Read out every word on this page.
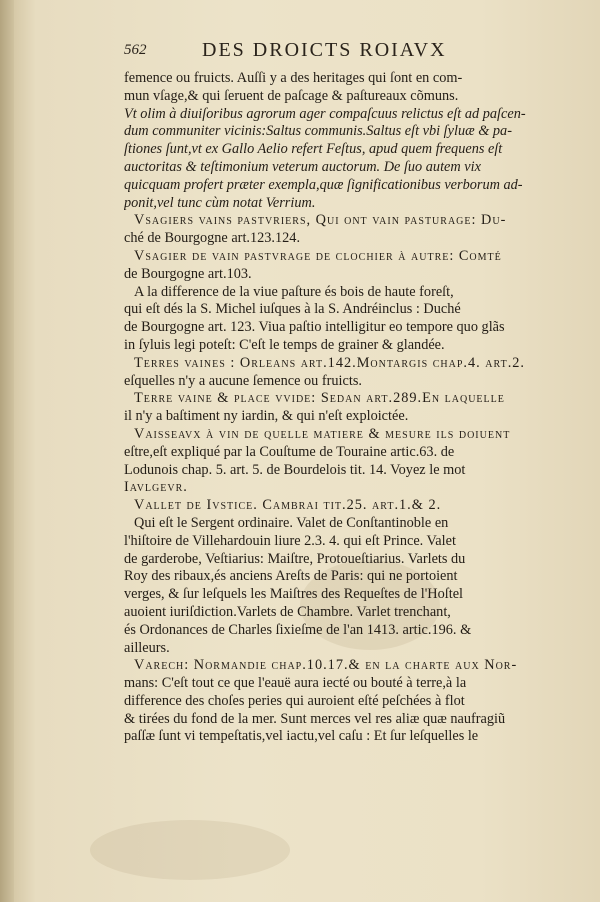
562	DES DROICTS ROIAVX
femence ou fruicts. Auſſi y a des heritages qui ſont en com-
mun vſage,& qui ſeruent de paſcage & paſtureaux cõmuns.
Vt olim à diuiſoribus agrorum ager compaſcuus relictus eſt ad paſcen-
dum communiter vicinis:Saltus communis.Saltus eſt vbi ſyluæ & pa-
ſtiones ſunt,vt ex Gallo Aelio refert Feſtus, apud quem frequens eſt
auctoritas & teſtimonium veterum auctorum. De ſuo autem vix
quicquam profert præter exempla,quæ ſignificationibus verborum ad-
ponit,vel tunc cùm notat Verrium.
Vsagiers vains pastvriers, Qui ont vain paſturage: Du-
ché de Bourgogne art.123.124.
Vsagier de vain pastvrage de clochier à autre: Comté
de Bourgogne art.103.
A la difference de la viue paſture és bois de haute foreſt,
qui eſt dés la S. Michel iuſques à la S. Andréinclus : Duché
de Bourgogne art. 123. Viua paſtio intelligitur eo tempore quo glãs
in ſyluis legi poteſt: C'eſt le temps de grainer & glandée.
Terres vaines : Orleans art.142.Montargis chap.4. art.2.
eſquelles n'y a aucune ſemence ou fruicts.
Terre vaine & place vvide: Sedan art.289.En laquelle
il n'y a baſtiment ny iardin, & qui n'eſt exploictée.
Vaisseavx à vin de quelle matiere & meſure ils doiuent
eſtre,eſt expliqué par la Couſtume de Touraine artic.63. de
Lodunois chap. 5. art. 5. de Bourdelois tit. 14. Voyez le mot
Iavlgevr.
Vallet de Ivstice. Cambrai tit.25. art.1.& 2.
Qui eſt le Sergent ordinaire. Valet de Conſtantinoble en
l'hiſtoire de Villehardouin liure 2.3. 4. qui eſt Prince. Valet
de garderobe, Veſtiarius: Maiſtre, Protoueſtiarius. Varlets du
Roy des ribaux,és anciens Areſts de Paris: qui ne portoient
verges, & ſur leſquels les Maiſtres des Requeſtes de l'Hoſtel
auoient iuriſdiction.Varlets de Chambre. Varlet trenchant,
és Ordonances de Charles ſixieſme de l'an 1413. artic.196. &
ailleurs.
Varech: Normandie chap.10.17.& en la charte aux Nor-
mans: C'eſt tout ce que l'eauë aura iecté ou bouté à terre,à la
difference des choſes peries qui auroient eſté peſchées à flot
& tirées du fond de la mer. Sunt merces vel res aliæ quæ naufragiũ
paſſæ ſunt vi tempeſtatis,vel iactu,vel caſu : Et ſur leſquelles le
